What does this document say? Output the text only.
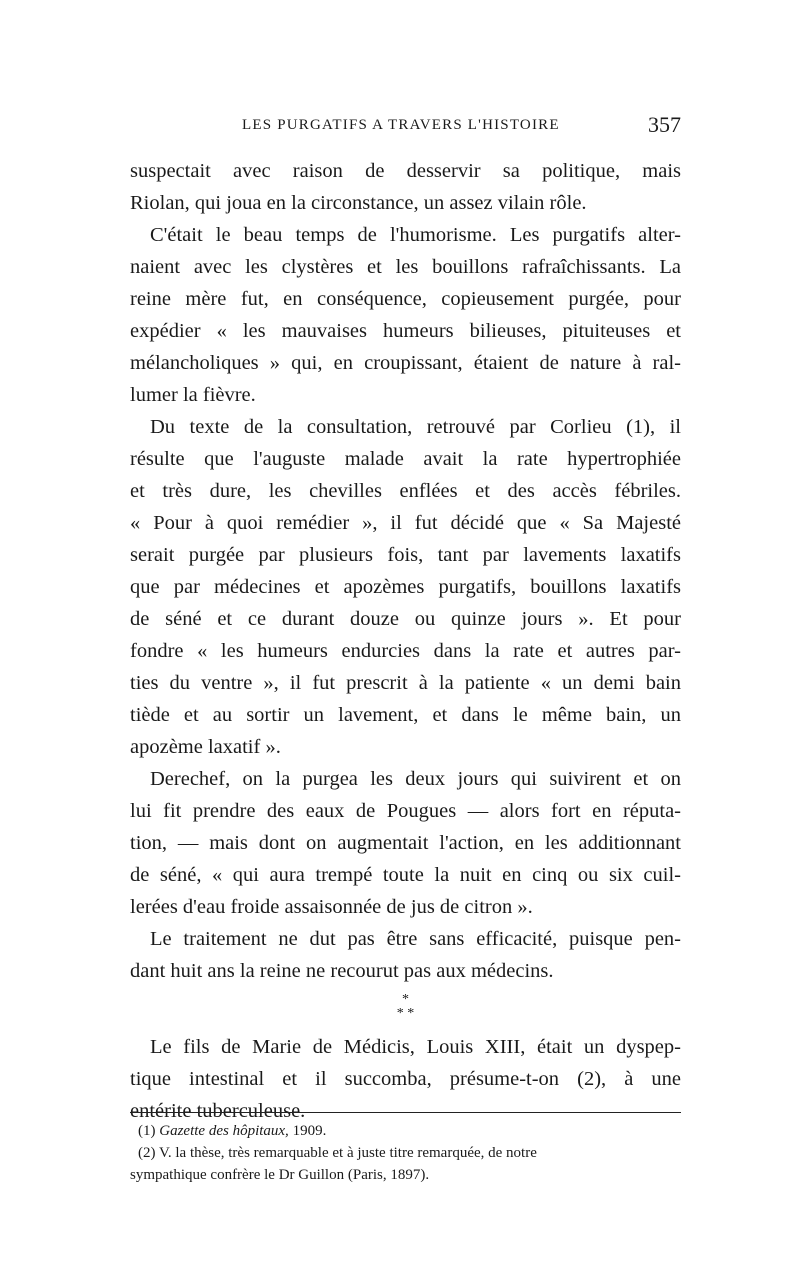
LES PURGATIFS A TRAVERS L'HISTOIRE	357
suspectait avec raison de desservir sa politique, mais
Riolan, qui joua en la circonstance, un assez vilain rôle.
C'était le beau temps de l'humorisme. Les purgatifs alter-
naient avec les clystères et les bouillons rafraîchissants. La
reine mère fut, en conséquence, copieusement purgée, pour
expédier « les mauvaises humeurs bilieuses, pituiteuses et
mélancholiques » qui, en croupissant, étaient de nature à ral-
lumer la fièvre.
Du texte de la consultation, retrouvé par Corlieu (1), il
résulte que l'auguste malade avait la rate hypertrophiée
et très dure, les chevilles enflées et des accès fébriles.
« Pour à quoi remédier », il fut décidé que « Sa Majesté
serait purgée par plusieurs fois, tant par lavements laxatifs
que par médecines et apozèmes purgatifs, bouillons laxatifs
de séné et ce durant douze ou quinze jours ». Et pour
fondre « les humeurs endurcies dans la rate et autres par-
ties du ventre », il fut prescrit à la patiente « un demi bain
tiède et au sortir un lavement, et dans le même bain, un
apozème laxatif ».
Derechef, on la purgea les deux jours qui suivirent et on
lui fit prendre des eaux de Pougues — alors fort en réputa-
tion, — mais dont on augmentait l'action, en les additionnant
de séné, « qui aura trempé toute la nuit en cinq ou six cuil-
lerées d'eau froide assaisonnée de jus de citron ».
Le traitement ne dut pas être sans efficacité, puisque pen-
dant huit ans la reine ne recourut pas aux médecins.
*
* *
Le fils de Marie de Médicis, Louis XIII, était un dyspep-
tique intestinal et il succomba, présume-t-on (2), à une
entérite tuberculeuse.
(1) Gazette des hôpitaux, 1909.
(2) V. la thèse, très remarquable et à juste titre remarquée, de notre
sympathique confrère le Dr Guillon (Paris, 1897).
